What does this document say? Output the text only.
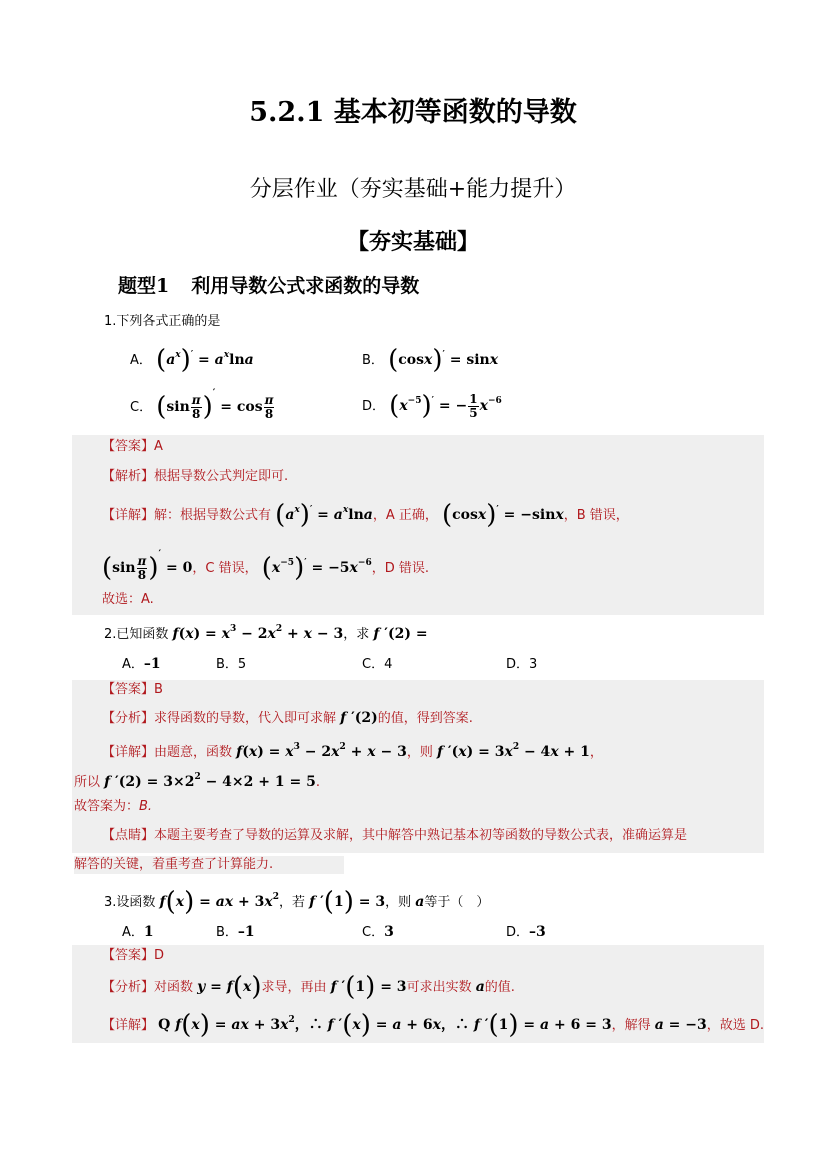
5.2.1 基本初等函数的导数
分层作业（夯实基础+能力提升）
【夯实基础】
题型1 利用导数公式求函数的导数
1.下列各式正确的是
A． $(a^x)' = a^x\ln a$	B． (cosx)′ = sinx
C． $(\sin \frac{\pi}{8} )' = \cos \frac{\pi}{8}$	D． $(x^{-5})'$ = − $\frac{1}{5} x^{-6}$
【答案】A
【解析】根据导数公式判定即可.
【详解】解：根据导数公式有 $(a^x)' = a^x\ln a$，A 正确， (cosx)′ = −sinx，B 错误，
$(\sin \frac{\pi}{8} )' = 0$，C 错误， $(x^{-5})' = -5x^{-6}$，D 错误.
故选：A.
2.已知函数 $f(x) = x^3 - 2x^2 + x - 3$，求 f ′(2) =
A．–1	B．5	C．4	D．3
【答案】B
【分析】求得函数的导数，代入即可求解 f ′(2)的值，得到答案.
【详解】由题意，函数 $f(x) = x^3 - 2x^2 + x - 3$，则 f $'(x) = 3x^2 - 4x + 1$，
所以 f $'(2) = 3\times 2^2 - 4\times 2 + 1 = 5$.
故答案为：B.
【点睛】本题主要考查了导数的运算及求解，其中解答中熟记基本初等函数的导数公式表，准确运算是
解答的关键，着重考查了计算能力.
3.设函数 f(x) = ax + $3x^2$，若 f ′(1) = 3，则 a等于（　）
A．1	B．–1	C．3	D．–3
【答案】D
【分析】对函数 y = f(x)求导，再由 f ′(1) = 3可求出实数 a的值.
【详解】 Q f(x) = ax + $3x^2$，∴ f ′(x) = a + 6x，∴ f ′(1) = a + 6 = 3，解得 a = −3，故选 D.
